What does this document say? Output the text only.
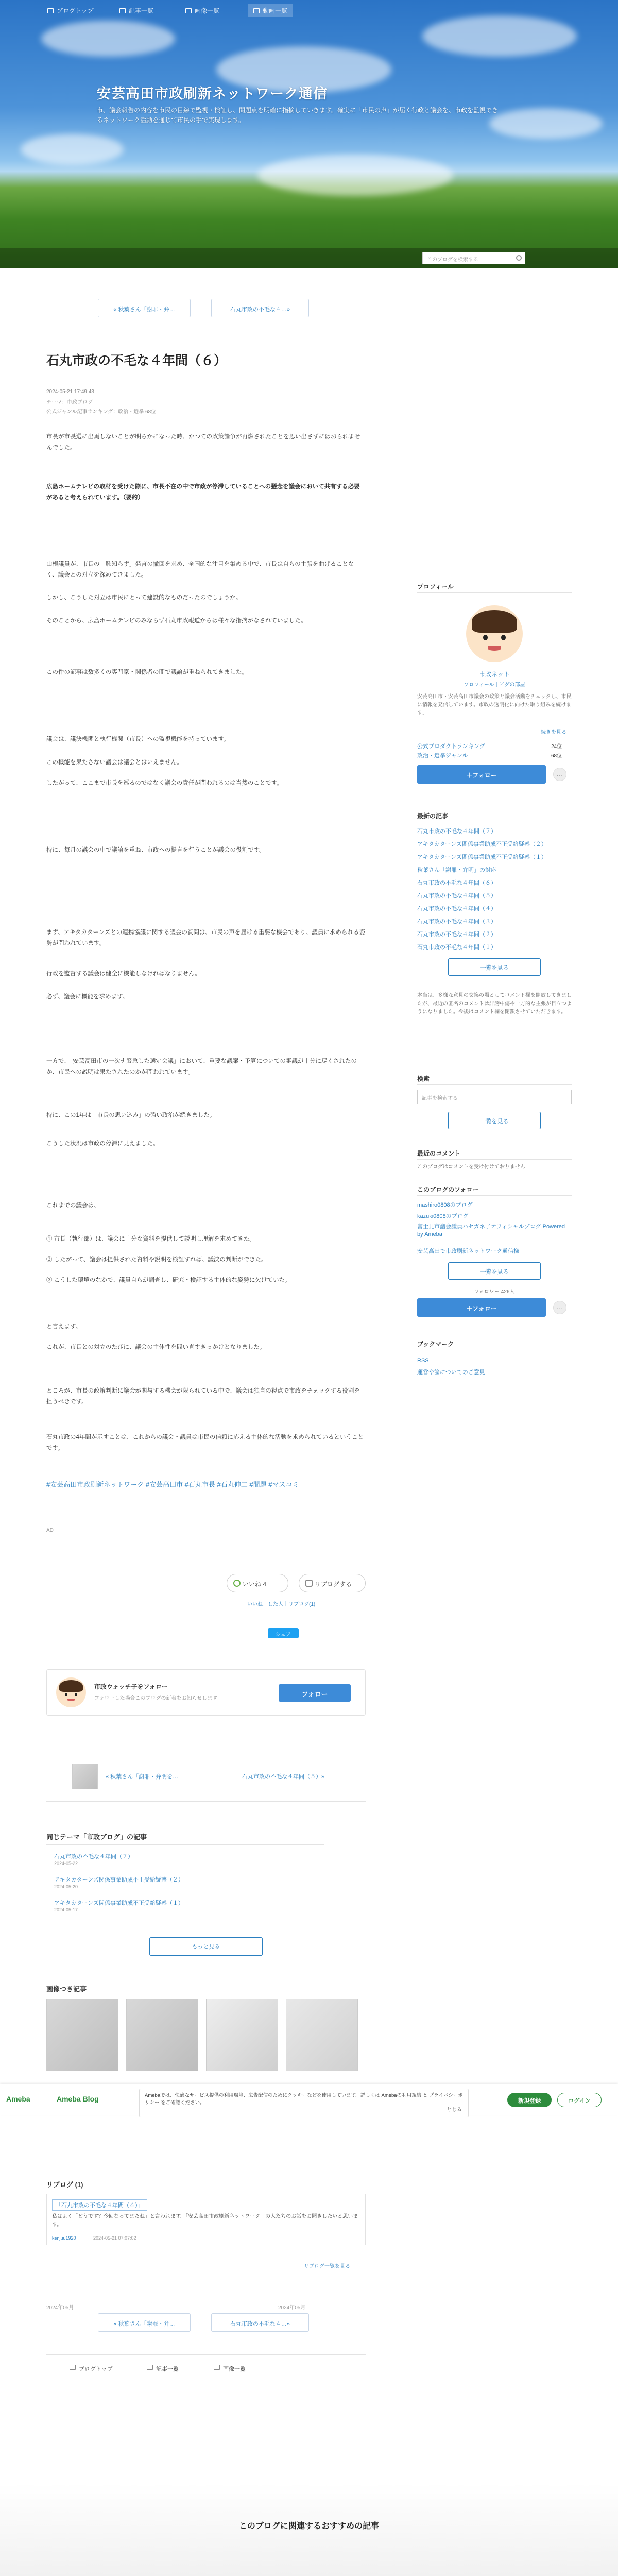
安芸高田市政刷新ネットワーク通信
市、議会報告の内容を市民の目線で監視・検証し、問題点を明確に指摘していきます。確実に「市民の声」が届く行政と議会を、市政を監視できるネットワーク活動を通じて市民の手で実現します。
ブログトップ	記事一覧	画像一覧	動画一覧
このブログを検索する
« 秋葉さん「謝罪・弁…	石丸市政の不毛な４…»
石丸市政の不毛な４年間（６）
2024-05-21 17:49:43
テーマ：市政ブログ
公式ジャンル記事ランキング：政治・選挙 68位
市長が市長選に出馬しないことが明らかになった時、かつての政策論争が再燃されたことを思い出さずにはおられませんでした。
広島ホームテレビの取材を受けた際に、市長不在の中で市政が停滞していることへの懸念を議会において共有する必要があると考えられています。（要約）
山根議員が、市長の「恥知らず」発言の撤回を求め、全国的な注目を集める中で、市長は自らの主張を曲げることなく、議会との対立を深めてきました。
しかし、こうした対立は市民にとって建設的なものだったのでしょうか。
そのことから、広島ホームテレビのみならず石丸市政報道からは様々な指摘がなされていました。
この件の記事は数多くの専門家・関係者の間で議論が重ねられてきました。
議会は、議決機関と執行機関（市長）への監視機能を持っています。
この機能を果たさない議会は議会とはいえません。
したがって、ここまで市長を巡るのではなく議会の責任が問われるのは当然のことです。
特に、毎月の議会の中で議論を重ね、市政への提言を行うことが議会の役割です。
まず、アキタカターンズとの連携協議に関する議会の質問は、市民の声を届ける重要な機会であり、議員に求められる姿勢が問われています。
行政を監督する議会は健全に機能しなければなりません。
必ず、議会に機能を求めます。
一方で、「安芸高田市の一次ナ緊急した選定会議」において、重要な議案・予算についての審議が十分に尽くされたのか、市民への説明は果たされたのかが問われています。
特に、この1年は「市長の思い込み」の強い政治が続きました。
こうした状況は市政の停滞に見えました。
これまでの議会は、
① 市長（執行部）は、議会に十分な資料を提供して説明し理解を求めてきた。
② したがって、議会は提供された資料や説明を検証すれば、議決の判断ができた。
③ こうした環境のなかで、議員自らが調査し、研究・検証する主体的な姿勢に欠けていた。
と言えます。
これが、市長との対立のたびに、議会の主体性を問い直すきっかけとなりました。
ところが、市長の政策判断に議会が関与する機会が限られている中で、議会は独自の視点で市政をチェックする役割を担うべきです。
石丸市政の4年間が示すことは、これからの議会・議員は市民の信頼に応える主体的な活動を求められているということです。
#安芸高田市政刷新ネットワーク #安芸高田市 #石丸市長 #石丸伸二 #間題 #マスコミ
AD
いいね 4	リブログする
いいね！した人｜リブログ(1)
シェア
市政ウォッチ子をフォロー
フォローした場合このブログの新着をお知らせします
フォロー
« 秋葉さん「謝罪・弁明を…	石丸市政の不毛な４年間（５）»
同じテーマ「市政ブログ」の記事
石丸市政の不毛な４年間（７）
2024-05-22
アキタカターンズ関係事業助成不正受給疑惑（２）
2024-05-20
アキタカターンズ関係事業助成不正受給疑惑（１）
2024-05-17
もっと見る
画像つき記事
Ameba	Ameba Blog	Amebaでは、快適なサービス提供の利用環境、広告配信のためにクッキーなどを使用しています。詳しくは Amebaの利用規約 と プライバシーポリシー をご確認ください。
とじる
新規登録	ログイン
リブログ (1)
「石丸市政の不毛な４年間（６）」
私はよく「どうです？今回なってまたね」と言われます。「安芸高田市政刷新ネットワーク」の人たちのお話をお聞きしたいと思います。
kenjuu1920	2024-05-21 07:07:02
リブログ一覧を見る
2024年05月	2024年05月
« 秋葉さん「謝罪・弁…	石丸市政の不毛な４…»
ブログトップ	記事一覧	画像一覧
このブログに関連するおすすめの記事
プロフィール
市政ネット
プロフィール｜ピグの部屋
安芸高田市・安芸高田市議会の政策と議会活動をチェックし、市民に情報を発信しています。市政の透明化に向けた取り組みを続けます。
続きを見る
公式プロダクトランキング	24位
政治・選挙ジャンル	68位
＋フォロー	…
最新の記事
石丸市政の不毛な４年間（７）
アキタカターンズ関係事業助成不正受給疑惑（２）
アキタカターンズ関係事業助成不正受給疑惑（１）
秋葉さん「謝罪・弁明」の対応
石丸市政の不毛な４年間（６）
石丸市政の不毛な４年間（５）
石丸市政の不毛な４年間（４）
石丸市政の不毛な４年間（３）
石丸市政の不毛な４年間（２）
石丸市政の不毛な４年間（１）
一覧を見る
本当は、多様な意見の交換の場としてコメント欄を開放してきましたが、最近の匿名のコメントは誹謗中傷や一方的な主張が目立つようになりました。今後はコメント欄を閉鎖させていただきます。
検索
記事を検索する
一覧を見る
最近のコメント
このブログはコメントを受け付けておりません
このブログのフォロー
mashiro0808のブログ
kazuki0808のブログ
富士見市議会議員ハセガネ子オフィシャルブログ Powered by Ameba
安芸高田で市政刷新ネットワーク通信様
一覧を見る
フォロワー 426人
＋フォロー	…
ブックマーク
RSS
運営や論についてのご意見
